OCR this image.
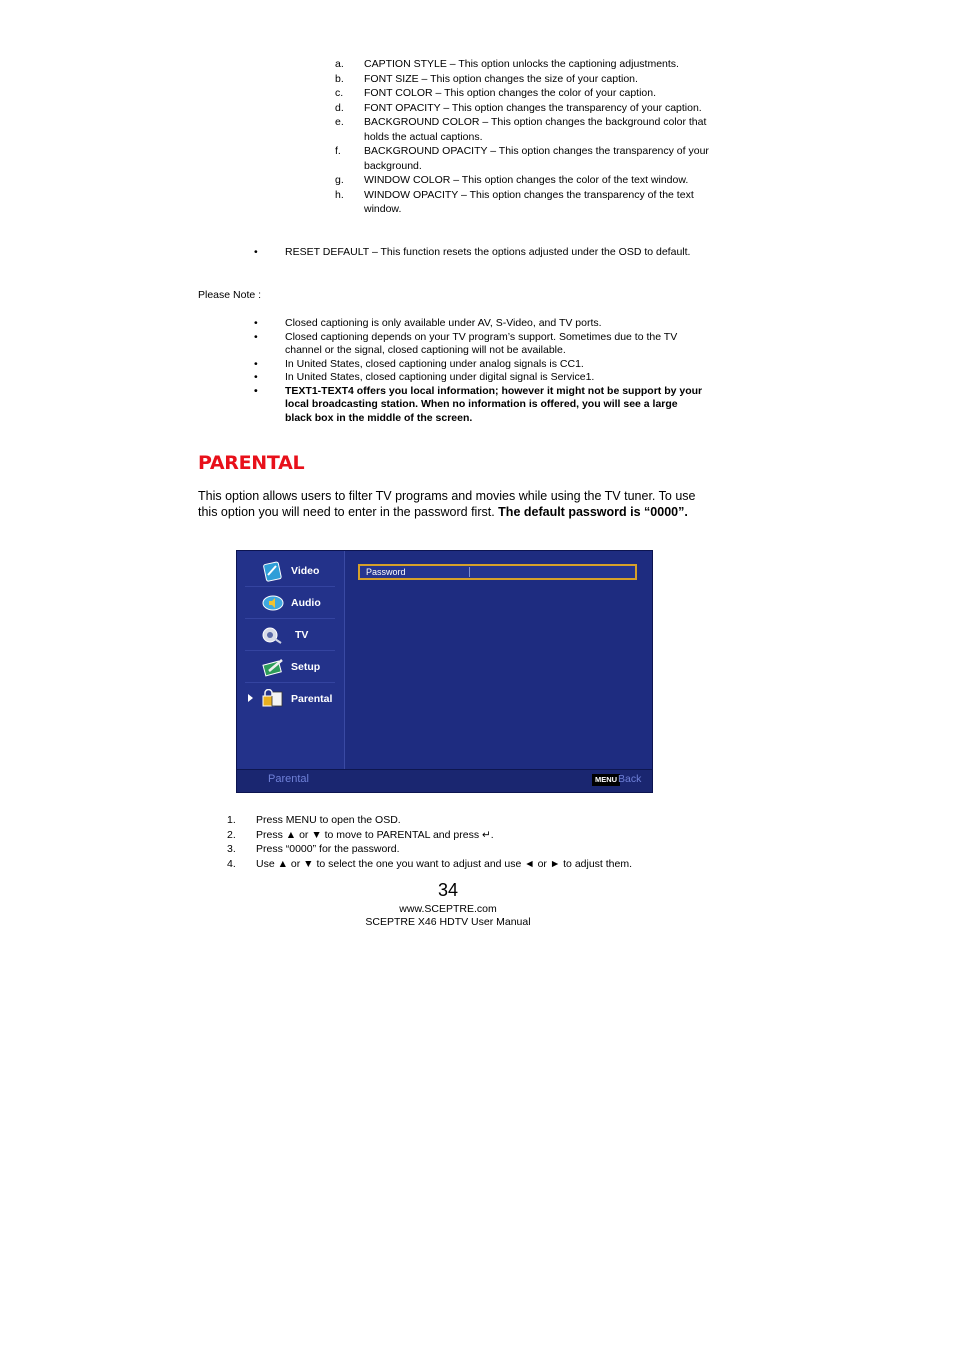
a.	CAPTION STYLE – This option unlocks the captioning adjustments.
b.	FONT SIZE – This option changes the size of your caption.
c.	FONT COLOR – This option changes the color of your caption.
d.	FONT OPACITY – This option changes the transparency of your caption.
e.	BACKGROUND COLOR – This option changes the background color that holds the actual captions.
f.	BACKGROUND OPACITY – This option changes the transparency of your background.
g.	WINDOW COLOR – This option changes the color of the text window.
h.	WINDOW OPACITY – This option changes the transparency of the text window.
•	RESET DEFAULT – This function resets the options adjusted under the OSD to default.
Please Note :
•	Closed captioning is only available under AV, S-Video, and TV ports.
•	Closed captioning depends on your TV program’s support. Sometimes due to the TV channel or the signal, closed captioning will not be available.
•	In United States, closed captioning under analog signals is CC1.
•	In United States, closed captioning under digital signal is Service1.
•	TEXT1-TEXT4 offers you local information; however it might not be support by your local broadcasting station. When no information is offered, you will see a large black box in the middle of the screen.
PARENTAL
This option allows users to filter TV programs and movies while using the TV tuner. To use this option you will need to enter in the password first. The default password is “0000”.
Video
Audio
TV
Setup
Parental
Password
Parental	MENU Back
1.	Press MENU to open the OSD.
2.	Press ▲ or ▼ to move to PARENTAL and press ↵.
3.	Press “0000” for the password.
4.	Use ▲ or ▼ to select the one you want to adjust and use ◄ or ► to adjust them.
34
www.SCEPTRE.com
SCEPTRE X46 HDTV User Manual
